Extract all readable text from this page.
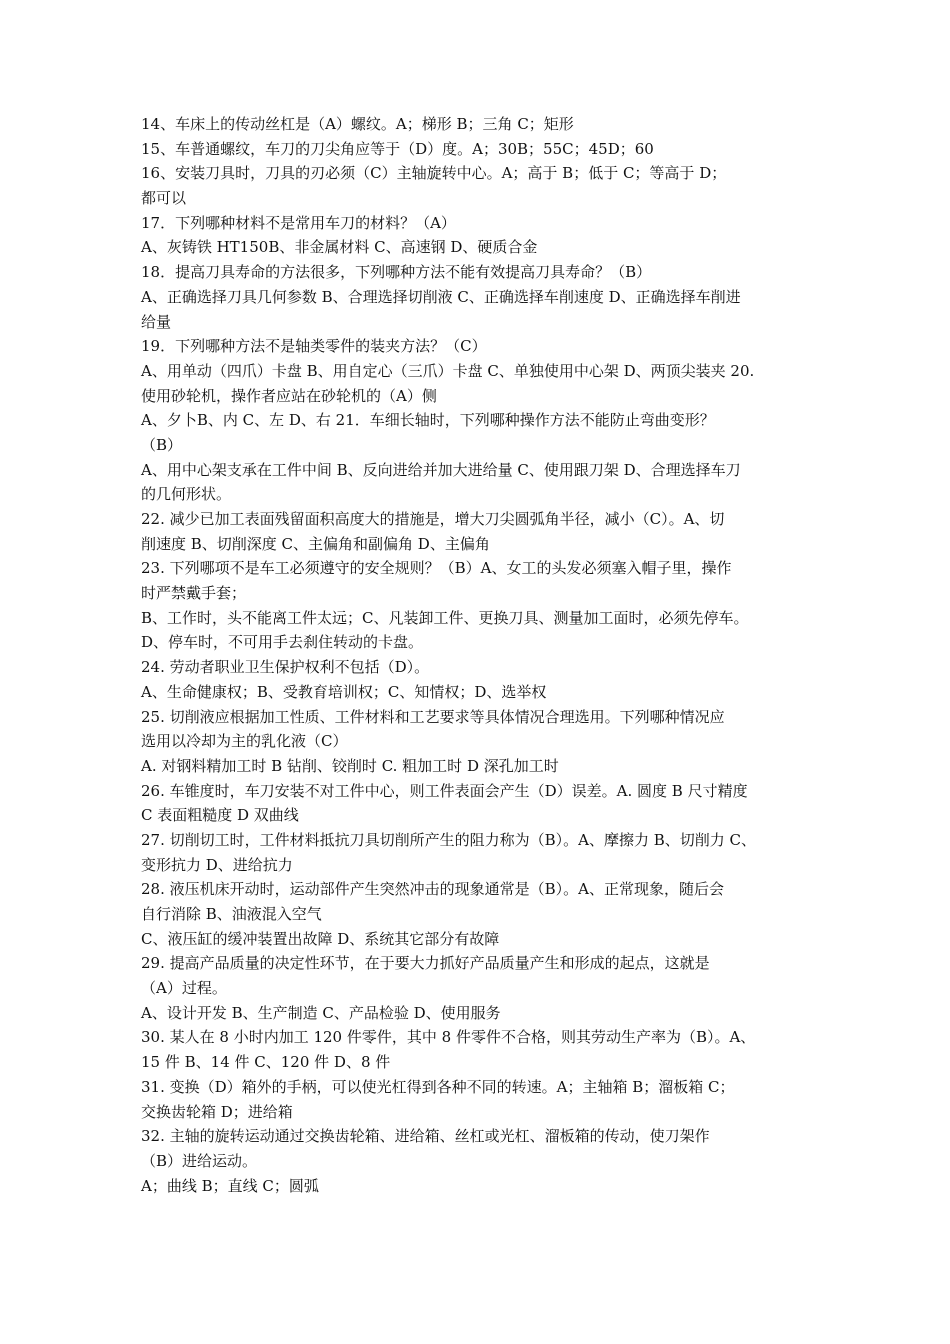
14、车床上的传动丝杠是（A）螺纹。A；梯形 B；三角 C；矩形
15、车普通螺纹，车刀的刀尖角应等于（D）度。A；30B；55C；45D；60
16、安装刀具时，刀具的刃必须（C）主轴旋转中心。A；高于 B；低于 C；等高于 D；
都可以
17．下列哪种材料不是常用车刀的材料？（A）
A、灰铸铁 HT150B、非金属材料 C、高速钢 D、硬质合金
18．提高刀具寿命的方法很多，下列哪种方法不能有效提高刀具寿命？（B）
A、正确选择刀具几何参数 B、合理选择切削液 C、正确选择车削速度 D、正确选择车削进
给量
19．下列哪种方法不是轴类零件的装夹方法？（C）
A、用单动（四爪）卡盘 B、用自定心（三爪）卡盘 C、单独使用中心架 D、两顶尖装夹 20.
使用砂轮机，操作者应站在砂轮机的（A）侧
A、夕卜B、内 C、左 D、右 21．车细长轴时，下列哪种操作方法不能防止弯曲变形？
（B）
A、用中心架支承在工件中间 B、反向进给并加大进给量 C、使用跟刀架 D、合理选择车刀
的几何形状。
22. 减少已加工表面残留面积高度大的措施是，增大刀尖圆弧角半径，减小（C）。A、切
削速度 B、切削深度 C、主偏角和副偏角 D、主偏角
23. 下列哪项不是车工必须遵守的安全规则？（B）A、女工的头发必须塞入帽子里，操作
时严禁戴手套；
B、工作时，头不能离工件太远；C、凡装卸工件、更换刀具、测量加工面时，必须先停车。
D、停车时，不可用手去刹住转动的卡盘。
24. 劳动者职业卫生保护权利不包括（D）。
A、生命健康权；B、受教育培训权；C、知情权；D、选举权
25. 切削液应根据加工性质、工件材料和工艺要求等具体情况合理选用。下列哪种情况应
选用以冷却为主的乳化液（C）
A. 对钢料精加工时 B 钻削、铰削时 C. 粗加工时 D 深孔加工时
26. 车锥度时，车刀安装不对工件中心，则工件表面会产生（D）误差。A. 圆度 B 尺寸精度
C 表面粗糙度 D 双曲线
27. 切削切工时，工件材料抵抗刀具切削所产生的阻力称为（B）。A、摩擦力 B、切削力 C、
变形抗力 D、进给抗力
28. 液压机床开动时，运动部件产生突然冲击的现象通常是（B）。A、正常现象，随后会
自行消除 B、油液混入空气
C、液压缸的缓冲装置出故障 D、系统其它部分有故障
29. 提高产品质量的决定性环节，在于要大力抓好产品质量产生和形成的起点，这就是
（A）过程。
A、设计开发 B、生产制造 C、产品检验 D、使用服务
30. 某人在 8 小时内加工 120 件零件，其中 8 件零件不合格，则其劳动生产率为（B）。A、
15 件 B、14 件 C、120 件 D、8 件
31. 变换（D）箱外的手柄，可以使光杠得到各种不同的转速。A；主轴箱 B；溜板箱 C；
交换齿轮箱 D；进给箱
32. 主轴的旋转运动通过交换齿轮箱、进给箱、丝杠或光杠、溜板箱的传动，使刀架作
（B）进给运动。
A；曲线 B；直线 C；圆弧
